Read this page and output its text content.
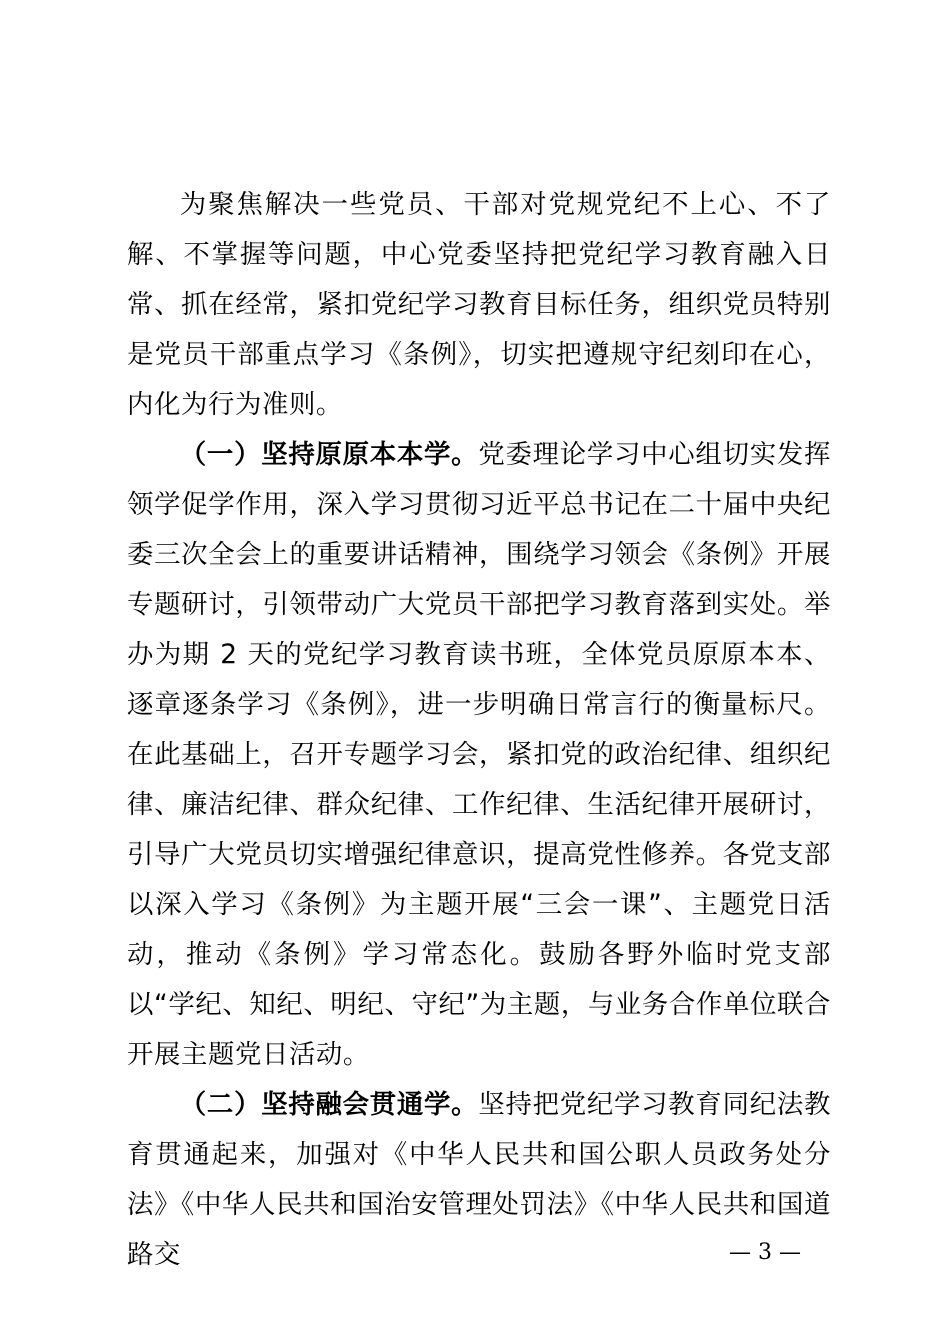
为聚焦解决一些党员、干部对党规党纪不上心、不了解、不掌握等问题，中心党委坚持把党纪学习教育融入日常、抓在经常，紧扣党纪学习教育目标任务，组织党员特别是党员干部重点学习《条例》，切实把遵规守纪刻印在心，内化为行为准则。

（一）坚持原原本本学。党委理论学习中心组切实发挥领学促学作用，深入学习贯彻习近平总书记在二十届中央纪委三次全会上的重要讲话精神，围绕学习领会《条例》开展专题研讨，引领带动广大党员干部把学习教育落到实处。举办为期 2 天的党纪学习教育读书班，全体党员原原本本、逐章逐条学习《条例》，进一步明确日常言行的衡量标尺。在此基础上，召开专题学习会，紧扣党的政治纪律、组织纪律、廉洁纪律、群众纪律、工作纪律、生活纪律开展研讨，引导广大党员切实增强纪律意识，提高党性修养。各党支部以深入学习《条例》为主题开展“三会一课”、主题党日活动，推动《条例》学习常态化。鼓励各野外临时党支部以“学纪、知纪、明纪、守纪”为主题，与业务合作单位联合开展主题党日活动。

（二）坚持融会贯通学。坚持把党纪学习教育同纪法教育贯通起来，加强对《中华人民共和国公职人员政务处分法》《中华人民共和国治安管理处罚法》《中华人民共和国道路交	— 3 —
